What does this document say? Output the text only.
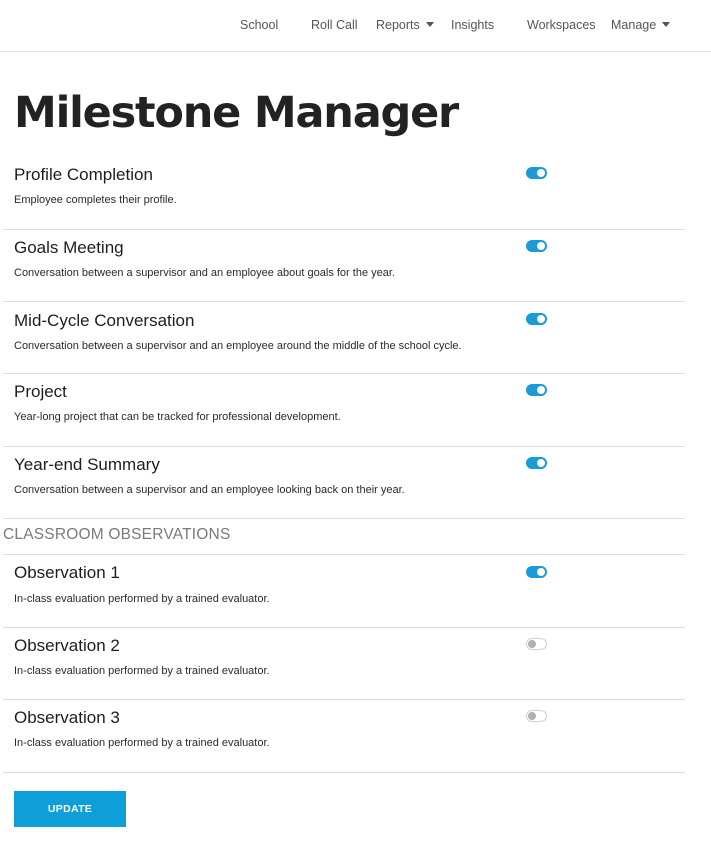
School	Roll Call Reports	Insights	Workspaces Manage
Milestone Manager
Profile Completion
Employee completes their profile.
Goals Meeting
Conversation between a supervisor and an employee about goals for the year.
Mid-Cycle Conversation
Conversation between a supervisor and an employee around the middle of the school cycle.
Project
Year-long project that can be tracked for professional development.
Year-end Summary
Conversation between a supervisor and an employee looking back on their year.
CLASSROOM OBSERVATIONS
Observation 1
In-class evaluation performed by a trained evaluator.
Observation 2
In-class evaluation performed by a trained evaluator.
Observation 3
In-class evaluation performed by a trained evaluator.
UPDATE
